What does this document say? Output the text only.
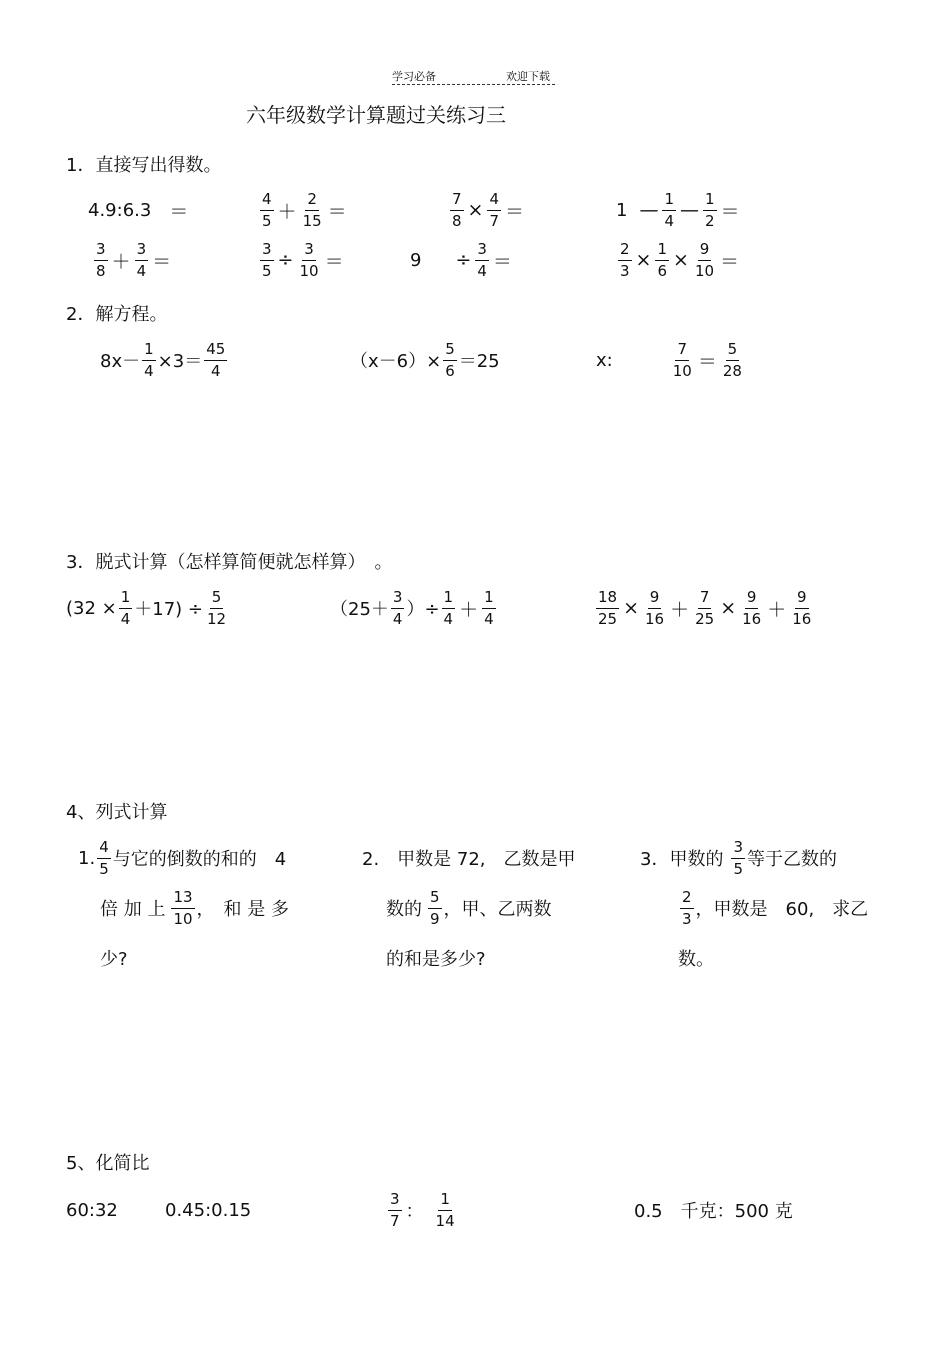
学习必备	欢迎下载
六年级数学计算题过关练习三
1．直接写出得数。
4.9:6.3 ＝	$\frac{4}{5} + \frac{2}{15}$ ＝	$\frac{7}{8} \times \frac{4}{7}$ ＝	1 — $\frac{1}{4}$ — $\frac{1}{2}$ ＝
$\frac{3}{8} + \frac{3}{4}$ ＝	$\frac{3}{5} \div \frac{3}{10}$ ＝	$9 \div \frac{3}{4}$ ＝	$\frac{2}{3} \times \frac{1}{6} \times \frac{9}{10}$ ＝
2．解方程。
$8x- \frac{1}{4} \times 3= \frac{45}{4}$	$(x-6)\times \frac{5}{6} =25$	x:	$\frac{7}{10} = \frac{5}{28}$
3．脱式计算（怎样算简便就怎样算）　。
$(32 \times \frac{1}{4} +17) \div \frac{5}{12}$	（$25+ \frac{3}{4}$ ）÷ $\frac{1}{4} + \frac{1}{4}$	$\frac{18}{25} \times \frac{9}{16} + \frac{7}{25} \times \frac{9}{16} + \frac{9}{16}$
4、列式计算
1. $\frac{4}{5}$ 与它的倒数的和的　4
倍 加 上 $\frac{13}{10}$ ，　和 是 多
少?
2.　甲数是 72,　乙数是甲
数的 $\frac{5}{9}$ ，甲、乙两数
的和是多少?
3．甲数的 $\frac{3}{5}$ 等于乙数的
$\frac{2}{3}$ ，甲数是　60,　求乙
数。
5、化简比
60:32	0.45:0.15	$\frac{3}{7}$ ： $\frac{1}{14}$	0.5　千克：500 克
